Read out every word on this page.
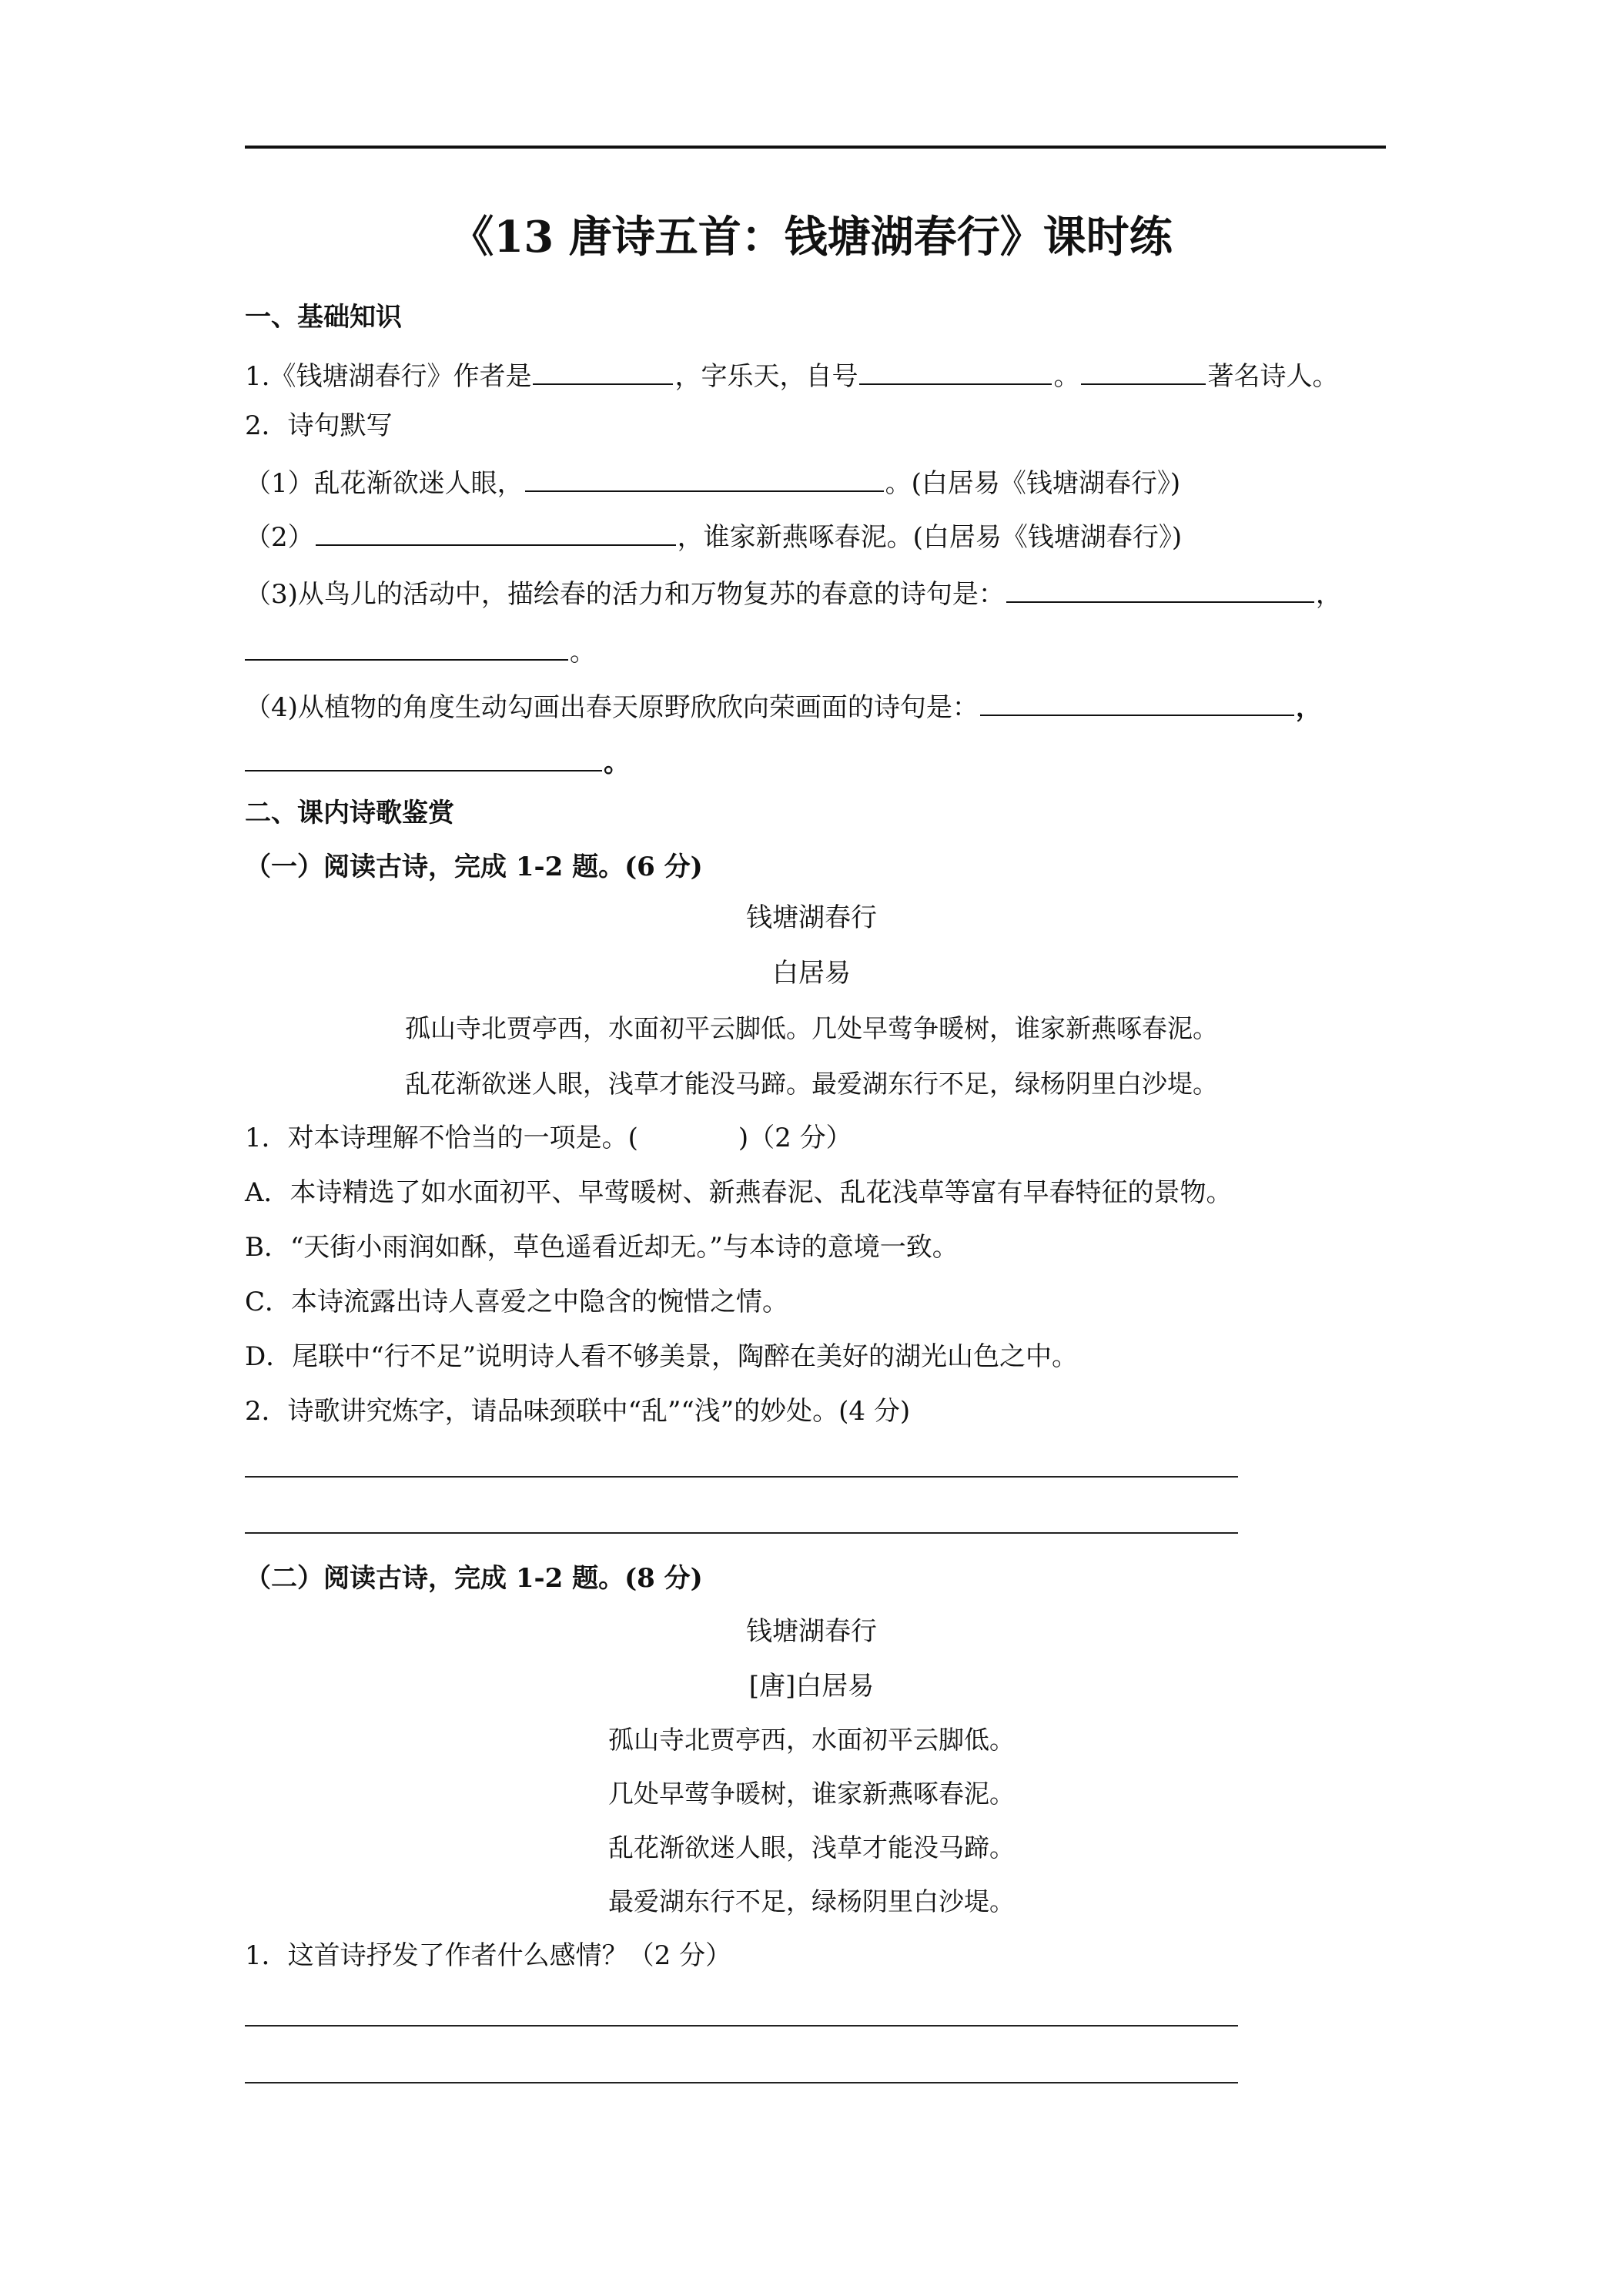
《13 唐诗五首：钱塘湖春行》课时练
一、基础知识
1.《钱塘湖春行》作者是	，字乐天，自号	。	著名诗人。
2．诗句默写
（1）乱花渐欲迷人眼，	。(白居易《钱塘湖春行》)
（2）	，谁家新燕啄春泥。(白居易《钱塘湖春行》)
（3)从鸟儿的活动中，描绘春的活力和万物复苏的春意的诗句是：	，
。
（4)从植物的角度生动勾画出春天原野欣欣向荣画面的诗句是：	，
。
二、课内诗歌鉴赏
（一）阅读古诗，完成 1-2 题。(6 分)
钱塘湖春行
白居易
孤山寺北贾亭西，水面初平云脚低。几处早莺争暖树，谁家新燕啄春泥。
乱花渐欲迷人眼，浅草才能没马蹄。最爱湖东行不足，绿杨阴里白沙堤。
1．对本诗理解不恰当的一项是。(	)（2 分）
A．本诗精选了如水面初平、早莺暖树、新燕春泥、乱花浅草等富有早春特征的景物。
B．“天街小雨润如酥，草色遥看近却无。”与本诗的意境一致。
C．本诗流露出诗人喜爱之中隐含的惋惜之情。
D．尾联中“行不足”说明诗人看不够美景，陶醉在美好的湖光山色之中。
2．诗歌讲究炼字，请品味颈联中“乱”“浅”的妙处。(4 分)
（二）阅读古诗，完成 1-2 题。(8 分)
钱塘湖春行
[唐]白居易
孤山寺北贾亭西，水面初平云脚低。
几处早莺争暖树，谁家新燕啄春泥。
乱花渐欲迷人眼，浅草才能没马蹄。
最爱湖东行不足，绿杨阴里白沙堤。
1．这首诗抒发了作者什么感情？（2 分）
